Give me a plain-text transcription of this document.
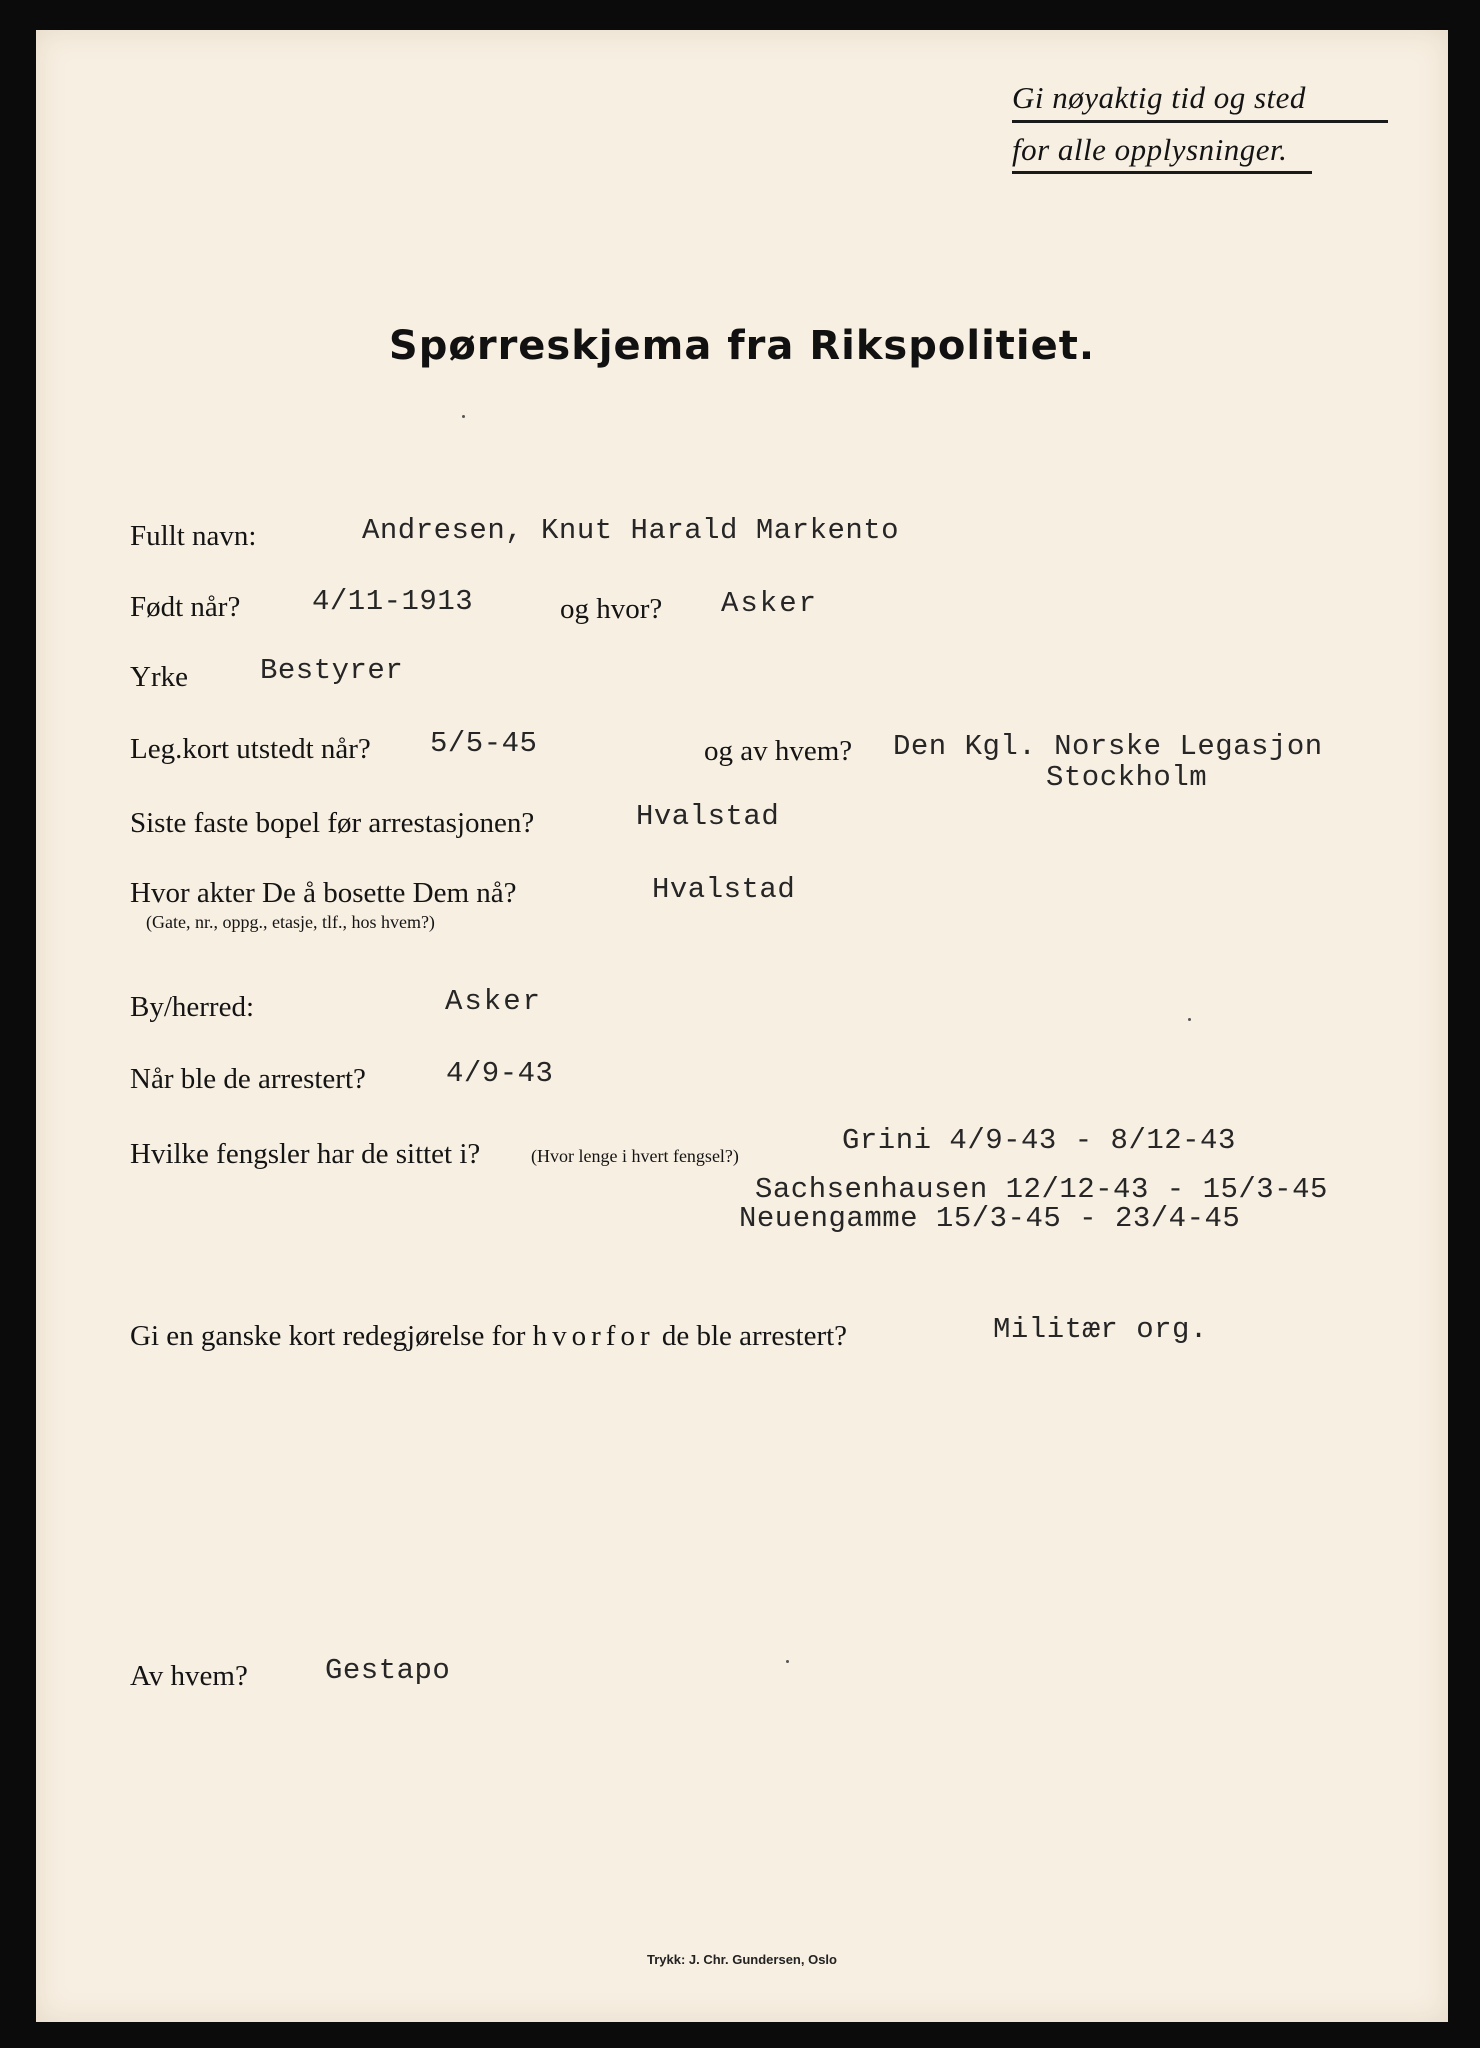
Gi nøyaktig tid og sted
for alle opplysninger.
Spørreskjema fra Rikspolitiet.
Fullt navn:	Andresen, Knut Harald Markento
Født når? 4/11-1913	og hvor? Asker
Yrke Bestyrer
Leg.kort utstedt når? 5/5-45	og av hvem? Den Kgl. Norske Legasjon
Stockholm
Siste faste bopel før arrestasjonen?	Hvalstad
Hvor akter De å bosette Dem nå?
(Gate, nr., oppg., etasje, tlf., hos hvem?)
Hvalstad
By/herred:	Asker
Når ble de arrestert?	4/9-43
Hvilke fengsler har de sittet i?	(Hvor lenge i hvert fengsel?)	Grini 4/9-43 - 8/12-43
Sachsenhausen 12/12-43 - 15/3-45
Neuengamme 15/3-45 - 23/4-45
Gi en ganske kort redegjørelse for hvorfor de ble arrestert?	Militær org.
Av hvem?	Gestapo
Trykk: J. Chr. Gundersen, Oslo
